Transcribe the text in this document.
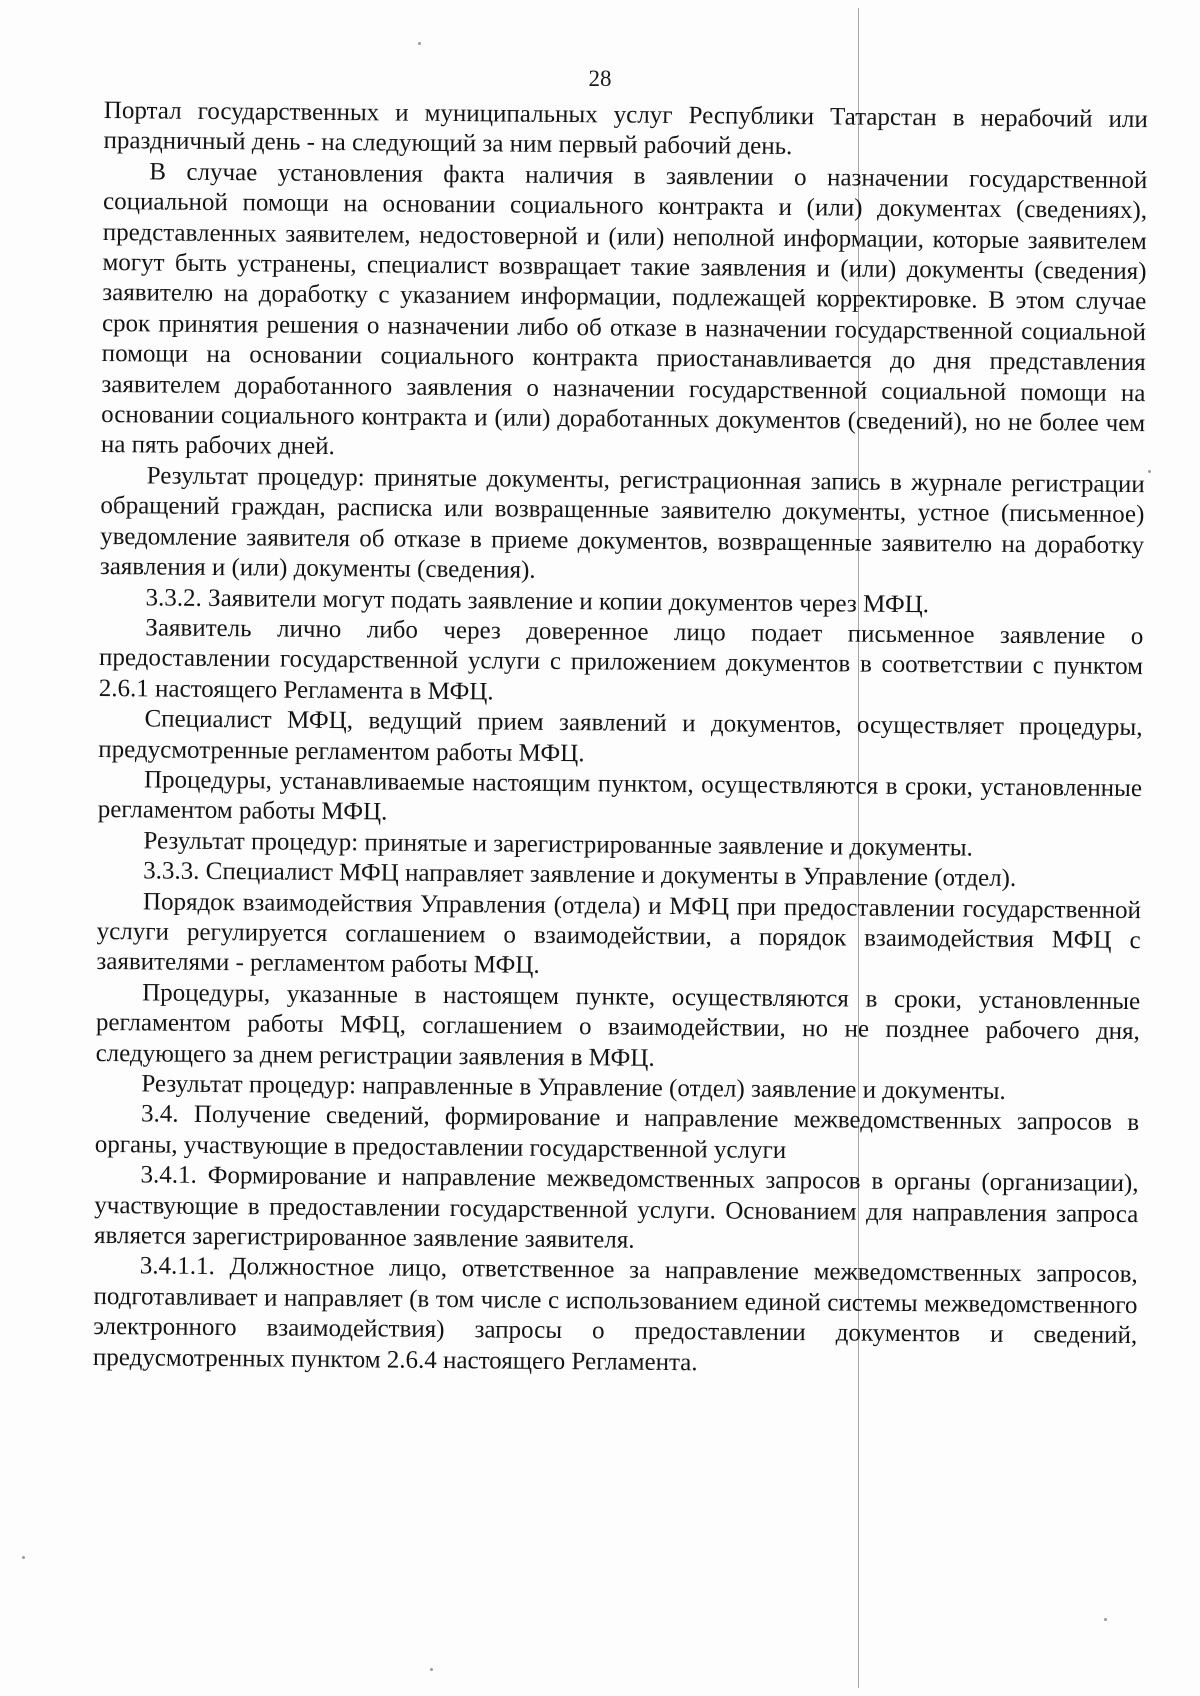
28

Портал государственных и муниципальных услуг Республики Татарстан в нерабочий или праздничный день - на следующий за ним первый рабочий день.

В случае установления факта наличия в заявлении о назначении государственной социальной помощи на основании социального контракта и (или) документах (сведениях), представленных заявителем, недостоверной и (или) неполной информации, которые заявителем могут быть устранены, специалист возвращает такие заявления и (или) документы (сведения) заявителю на доработку с указанием информации, подлежащей корректировке. В этом случае срок принятия решения о назначении либо об отказе в назначении государственной социальной помощи на основании социального контракта приостанавливается до дня представления заявителем доработанного заявления о назначении государственной социальной помощи на основании социального контракта и (или) доработанных документов (сведений), но не более чем на пять рабочих дней.

Результат процедур: принятые документы, регистрационная запись в журнале регистрации обращений граждан, расписка или возвращенные заявителю документы, устное (письменное) уведомление заявителя об отказе в приеме документов, возвращенные заявителю на доработку заявления и (или) документы (сведения).

3.3.2. Заявители могут подать заявление и копии документов через МФЦ.

Заявитель лично либо через доверенное лицо подает письменное заявление о предоставлении государственной услуги с приложением документов в соответствии с пунктом 2.6.1 настоящего Регламента в МФЦ.

Специалист МФЦ, ведущий прием заявлений и документов, осуществляет процедуры, предусмотренные регламентом работы МФЦ.

Процедуры, устанавливаемые настоящим пунктом, осуществляются в сроки, установленные регламентом работы МФЦ.

Результат процедур: принятые и зарегистрированные заявление и документы.

3.3.3. Специалист МФЦ направляет заявление и документы в Управление (отдел).

Порядок взаимодействия Управления (отдела) и МФЦ при предоставлении государственной услуги регулируется соглашением о взаимодействии, а порядок взаимодействия МФЦ с заявителями - регламентом работы МФЦ.

Процедуры, указанные в настоящем пункте, осуществляются в сроки, установленные регламентом работы МФЦ, соглашением о взаимодействии, но не позднее рабочего дня, следующего за днем регистрации заявления в МФЦ.

Результат процедур: направленные в Управление (отдел) заявление и документы.

3.4. Получение сведений, формирование и направление межведомственных запросов в органы, участвующие в предоставлении государственной услуги

3.4.1. Формирование и направление межведомственных запросов в органы (организации), участвующие в предоставлении государственной услуги. Основанием для направления запроса является зарегистрированное заявление заявителя.

3.4.1.1. Должностное лицо, ответственное за направление межведомственных запросов, подготавливает и направляет (в том числе с использованием единой системы межведомственного электронного взаимодействия) запросы о предоставлении документов и сведений, предусмотренных пунктом 2.6.4 настоящего Регламента.
